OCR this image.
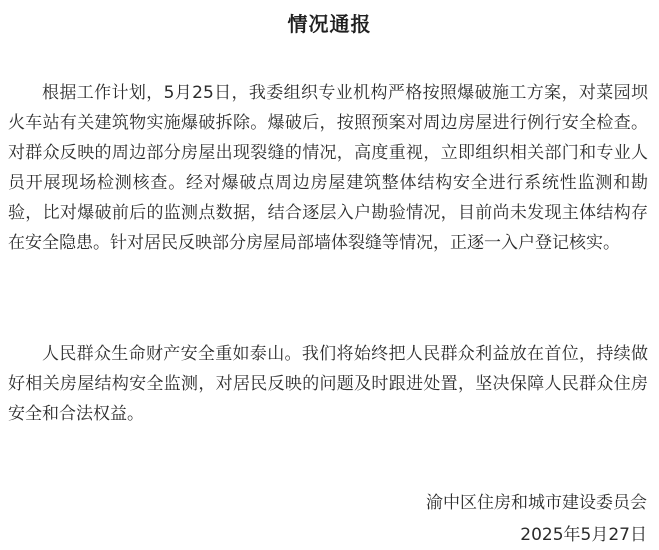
情况通报

根据工作计划，5月25日，我委组织专业机构严格按照爆破施工方案，对菜园坝火车站有关建筑物实施爆破拆除。爆破后，按照预案对周边房屋进行例行安全检查。对群众反映的周边部分房屋出现裂缝的情况，高度重视，立即组织相关部门和专业人员开展现场检测核查。经对爆破点周边房屋建筑整体结构安全进行系统性监测和勘验，比对爆破前后的监测点数据，结合逐层入户勘验情况，目前尚未发现主体结构存在安全隐患。针对居民反映部分房屋局部墙体裂缝等情况，正逐一入户登记核实。

人民群众生命财产安全重如泰山。我们将始终把人民群众利益放在首位，持续做好相关房屋结构安全监测，对居民反映的问题及时跟进处置，坚决保障人民群众住房安全和合法权益。

渝中区住房和城市建设委员会
2025年5月27日
